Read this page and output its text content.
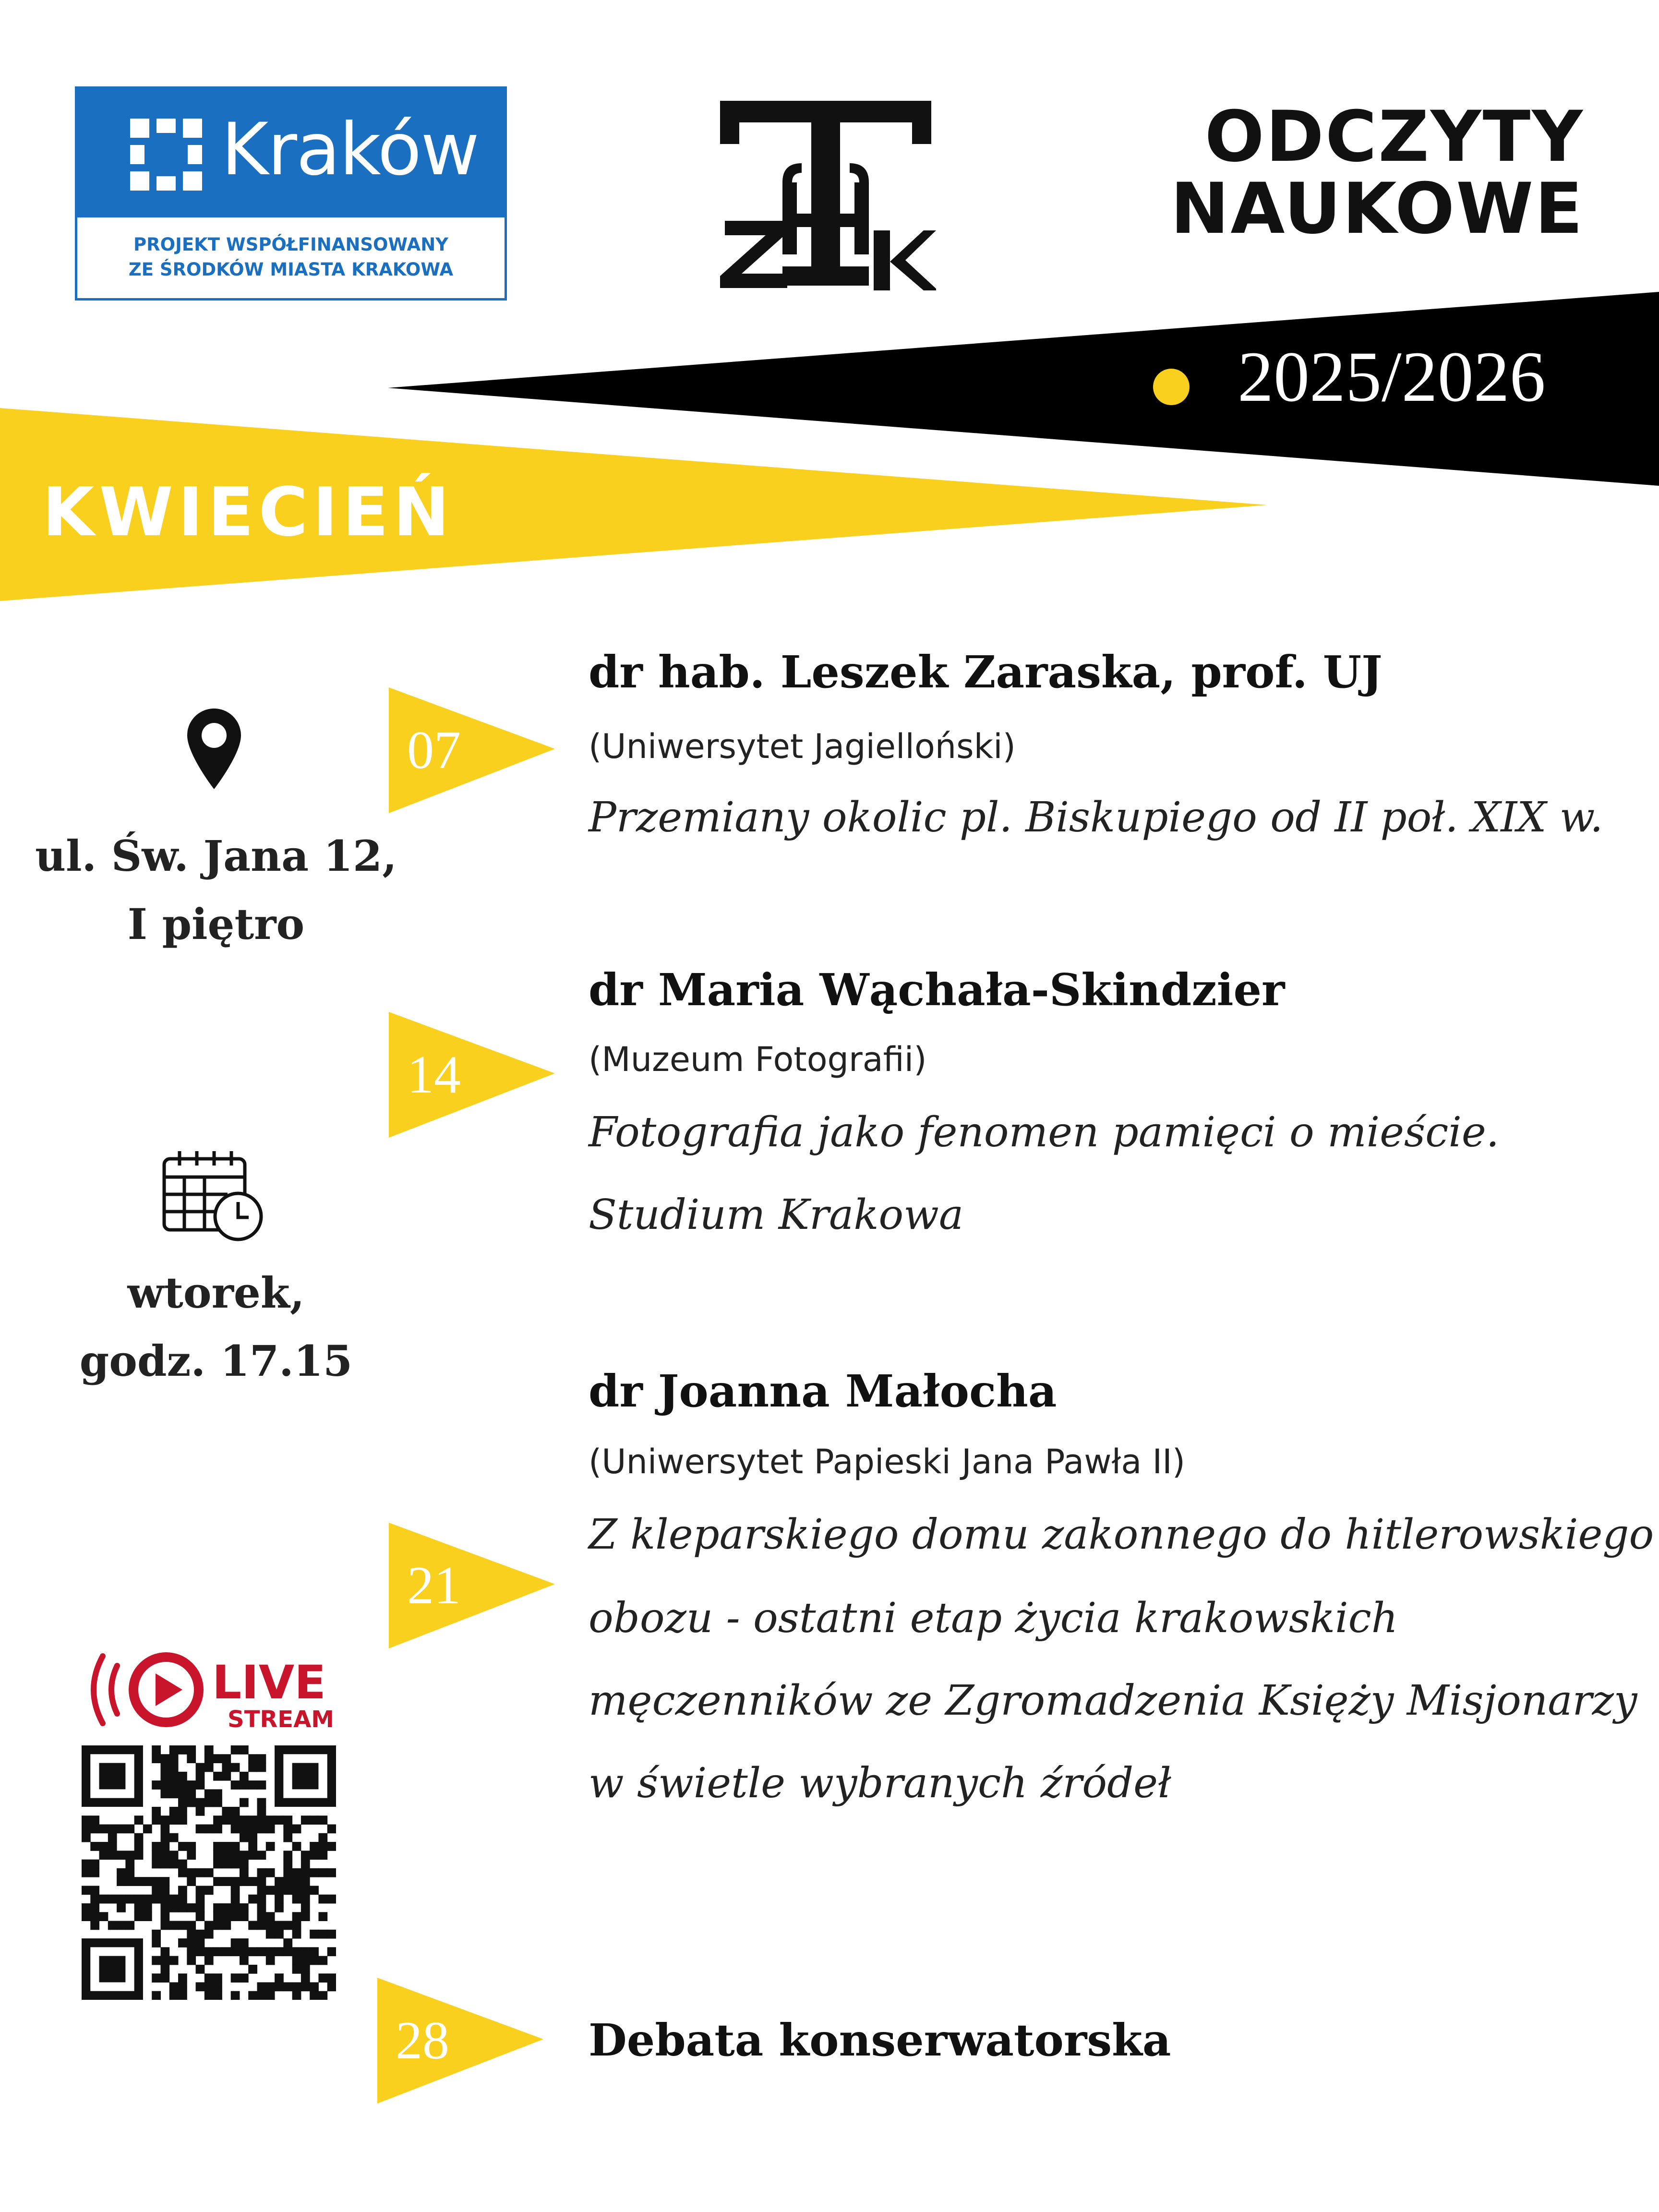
Kraków
PROJEKT WSPÓŁFINANSOWANY
ZE ŚRODKÓW MIASTA KRAKOWA
TZHK
ODCZYTY
NAUKOWE
2025/2026
KWIECIEŃ
ul. Św. Jana 12,
I piętro
wtorek,
godz. 17.15
LIVE
STREAM
07
dr hab. Leszek Zaraska, prof. UJ
(Uniwersytet Jagielloński)
Przemiany okolic pl. Biskupiego od II poł. XIX w.
14
dr Maria Wąchała-Skindzier
(Muzeum Fotografii)
Fotografia jako fenomen pamięci o mieście.
Studium Krakowa
21
dr Joanna Małocha
(Uniwersytet Papieski Jana Pawła II)
Z kleparskiego domu zakonnego do hitlerowskiego
obozu - ostatni etap życia krakowskich
męczenników ze Zgromadzenia Księży Misjonarzy
w świetle wybranych źródeł
28	Debata konserwatorska
